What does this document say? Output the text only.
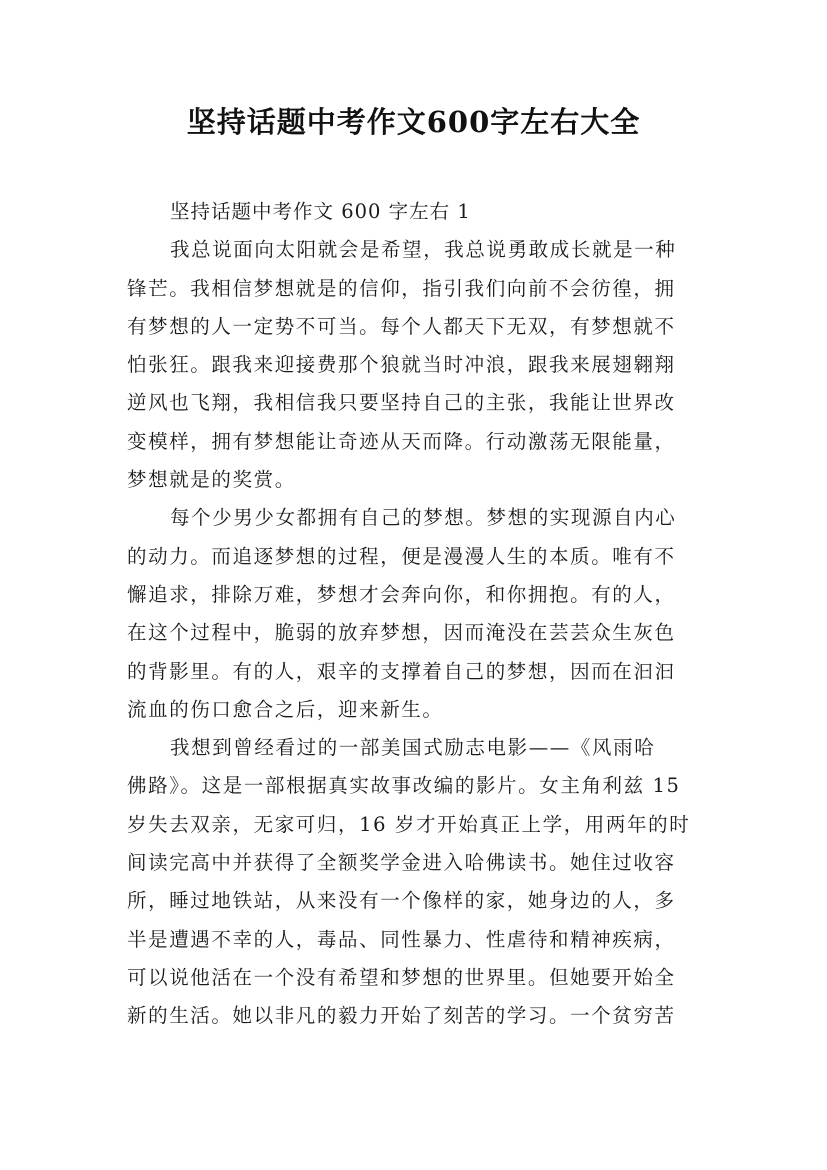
坚持话题中考作文600字左右大全
坚持话题中考作文 600 字左右 1
我总说面向太阳就会是希望，我总说勇敢成长就是一种
锋芒。我相信梦想就是的信仰，指引我们向前不会彷徨，拥
有梦想的人一定势不可当。每个人都天下无双，有梦想就不
怕张狂。跟我来迎接费那个狼就当时冲浪，跟我来展翅翱翔
逆风也飞翔，我相信我只要坚持自己的主张，我能让世界改
变模样，拥有梦想能让奇迹从天而降。行动激荡无限能量，
梦想就是的奖赏。
每个少男少女都拥有自己的梦想。梦想的实现源自内心
的动力。而追逐梦想的过程，便是漫漫人生的本质。唯有不
懈追求，排除万难，梦想才会奔向你，和你拥抱。有的人，
在这个过程中，脆弱的放弃梦想，因而淹没在芸芸众生灰色
的背影里。有的人，艰辛的支撑着自己的梦想，因而在汩汩
流血的伤口愈合之后，迎来新生。
我想到曾经看过的一部美国式励志电影——《风雨哈
佛路》。这是一部根据真实故事改编的影片。女主角利兹 15
岁失去双亲，无家可归，16 岁才开始真正上学，用两年的时
间读完高中并获得了全额奖学金进入哈佛读书。她住过收容
所，睡过地铁站，从来没有一个像样的家，她身边的人，多
半是遭遇不幸的人，毒品、同性暴力、性虐待和精神疾病，
可以说他活在一个没有希望和梦想的世界里。但她要开始全
新的生活。她以非凡的毅力开始了刻苦的学习。一个贫穷苦
